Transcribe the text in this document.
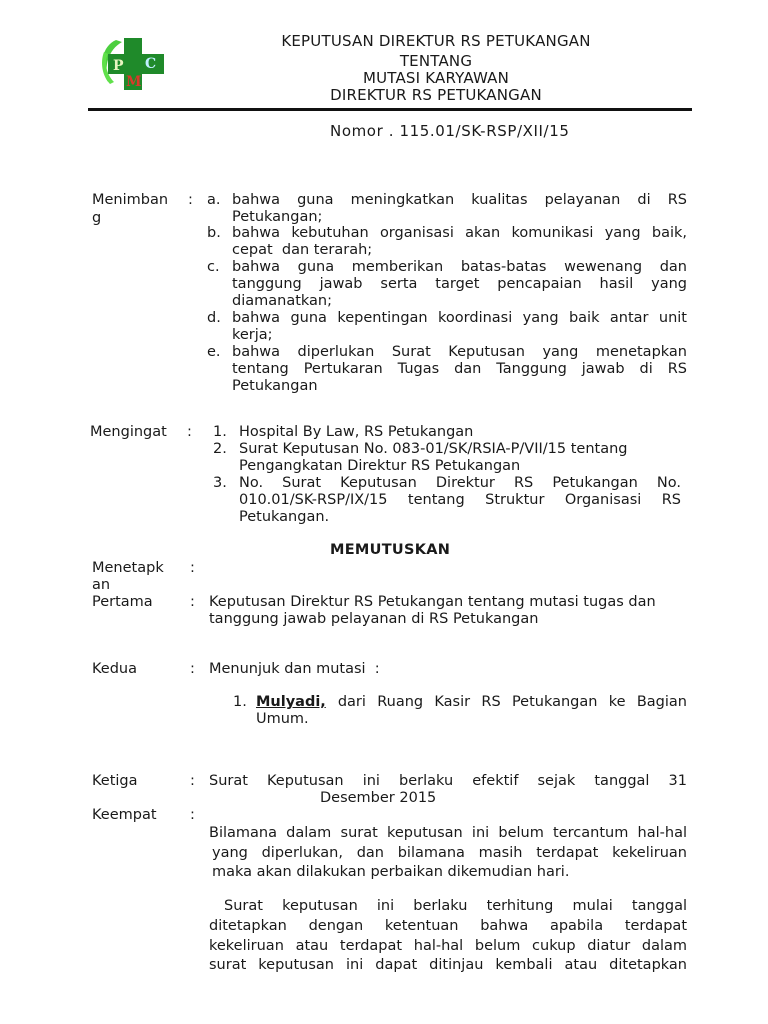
P C
M
KEPUTUSAN DIREKTUR RS PETUKANGAN
TENTANG
MUTASI KARYAWAN
DIREKTUR RS PETUKANGAN
Nomor . 115.01/SK-RSP/XII/15
Menimban
g
: a. bahwa guna meningkatkan kualitas pelayanan di RS
Petukangan;
b. bahwa kebutuhan organisasi akan komunikasi yang baik,
cepat  dan terarah;
c. bahwa guna memberikan batas-batas wewenang dan
tanggung jawab serta target pencapaian hasil yang
diamanatkan;
d. bahwa guna kepentingan koordinasi yang baik antar unit
kerja;
e. bahwa diperlukan Surat Keputusan yang menetapkan
tentang Pertukaran Tugas dan Tanggung jawab di RS
Petukangan
Mengingat : 1. Hospital By Law, RS Petukangan
2. Surat Keputusan No. 083-01/SK/RSIA-P/VII/15 tentang
Pengangkatan Direktur RS Petukangan
3. No. Surat Keputusan Direktur RS Petukangan No.
010.01/SK-RSP/IX/15 tentang Struktur Organisasi RS
Petukangan.
MEMUTUSKAN
Menetapk
an
:
Pertama	: Keputusan Direktur RS Petukangan tentang mutasi tugas dan
tanggung jawab pelayanan di RS Petukangan
Kedua	: Menunjuk dan mutasi  :
1. Mulyadi, dari Ruang Kasir RS Petukangan ke Bagian
Umum.
Ketiga	: Surat Keputusan ini berlaku efektif sejak tanggal 31
Desember 2015
Keempat :
Bilamana dalam surat keputusan ini belum tercantum hal-hal
yang diperlukan, dan bilamana masih terdapat kekeliruan
maka akan dilakukan perbaikan dikemudian hari.
Surat keputusan ini berlaku terhitung mulai tanggal
ditetapkan dengan ketentuan bahwa apabila terdapat
kekeliruan atau terdapat hal-hal belum cukup diatur dalam
surat keputusan ini dapat ditinjau kembali atau ditetapkan
